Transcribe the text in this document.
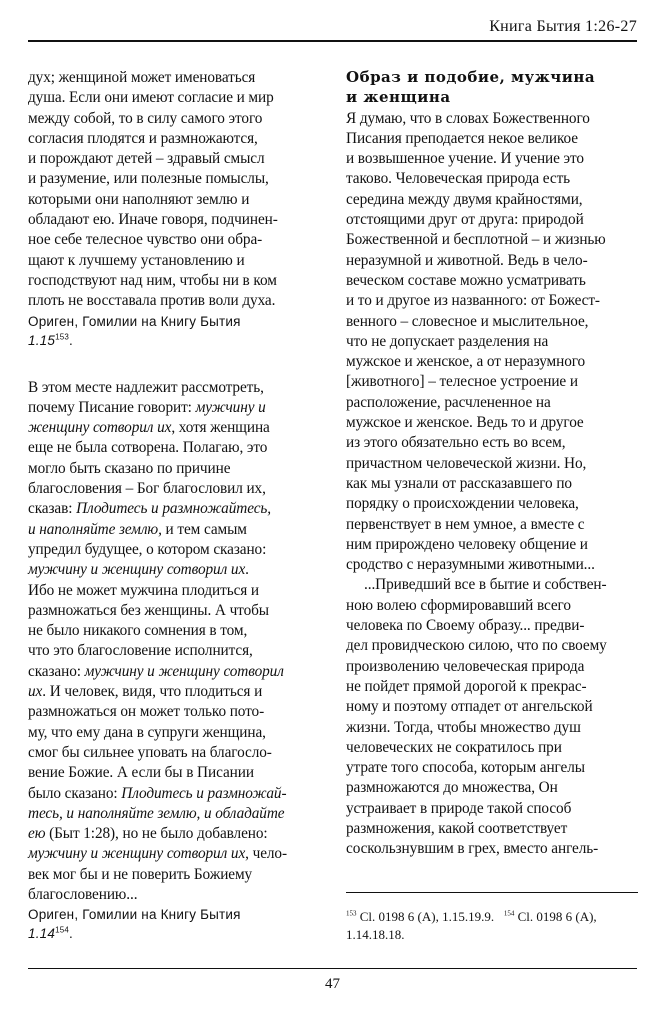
Книга Бытия 1:26-27
дух; женщиной может именоваться
душа. Если они имеют согласие и мир
между собой, то в силу самого этого
согласия плодятся и размножаются,
и порождают детей – здравый смысл
и разумение, или полезные помыслы,
которыми они наполняют землю и
обладают ею. Иначе говоря, подчинен-
ное себе телесное чувство они обра-
щают к лучшему установлению и
господствуют над ним, чтобы ни в ком
плоть не восставала против воли духа.
Ориген, Гомилии на Книгу Бытия
1.15$^{153}$.
В этом месте надлежит рассмотреть,
почему Писание говорит: мужчину и
женщину сотворил их, хотя женщина
еще не была сотворена. Полагаю, это
могло быть сказано по причине
благословения – Бог благословил их,
сказав: Плодитесь и размножайтесь,
и наполняйте землю, и тем самым
упредил будущее, о котором сказано:
мужчину и женщину сотворил их.
Ибо не может мужчина плодиться и
размножаться без женщины. А чтобы
не было никакого сомнения в том,
что это благословение исполнится,
сказано: мужчину и женщину сотворил
их. И человек, видя, что плодиться и
размножаться он может только пото-
му, что ему дана в супруги женщина,
смог бы сильнее уповать на благосло-
вение Божие. А если бы в Писании
было сказано: Плодитесь и размножай-
тесь, и наполняйте землю, и обладайте
ею (Быт 1:28), но не было добавлено:
мужчину и женщину сотворил их, чело-
век мог бы и не поверить Божиему
благословению...
Ориген, Гомилии на Книгу Бытия
1.14$^{154}$.
Образ и подобие, мужчина
и женщина
Я думаю, что в словах Божественного
Писания преподается некое великое
и возвышенное учение. И учение это
таково. Человеческая природа есть
середина между двумя крайностями,
отстоящими друг от друга: природой
Божественной и бесплотной – и жизнью
неразумной и животной. Ведь в чело-
веческом составе можно усматривать
и то и другое из названного: от Божест-
венного – словесное и мыслительное,
что не допускает разделения на
мужское и женское, а от неразумного
[животного] – телесное устроение и
расположение, расчлененное на
мужское и женское. Ведь то и другое
из этого обязательно есть во всем,
причастном человеческой жизни. Но,
как мы узнали от рассказавшего по
порядку о происхождении человека,
первенствует в нем умное, а вместе с
ним прирождено человеку общение и
сродство с неразумными животными...
...Приведший все в бытие и собствен-
ною волею сформировавший всего
человека по Своему образу... предви-
дел провидческою силою, что по своему
произволению человеческая природа
не пойдет прямой дорогой к прекрас-
ному и поэтому отпадет от ангельской
жизни. Тогда, чтобы множество душ
человеческих не сократилось при
утрате того способа, которым ангелы
размножаются до множества, Он
устраивает в природе такой способ
размножения, какой соответствует
соскользнувшим в грех, вместо ангель-
$^{153}$ Cl. 0198 6 (A), 1.15.19.9. $^{154}$ Cl. 0198 6 (A),
1.14.18.18.
47
